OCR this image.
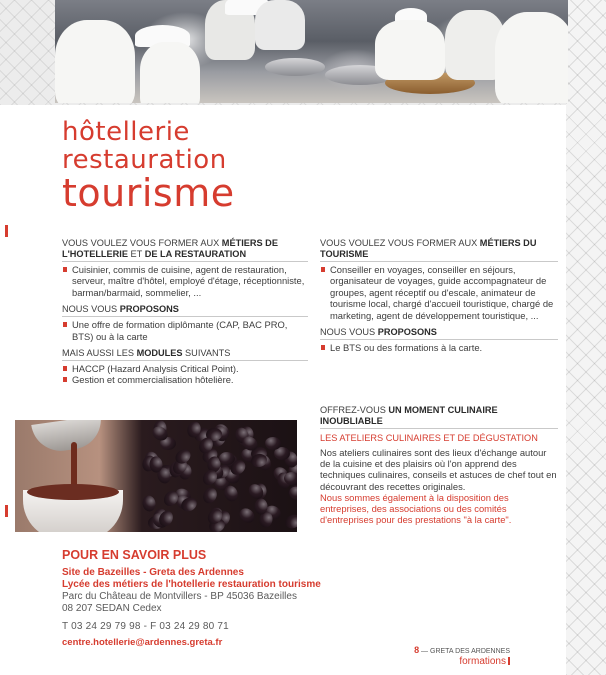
hôtellerie
restauration
tourisme
VOUS VOULEZ VOUS FORMER AUX MÉTIERS DE L'HOTELLERIE ET DE LA RESTAURATION
Cuisinier, commis de cuisine, agent de restauration, serveur, maître d'hôtel, employé d'étage, réceptionniste, barman/barmaid, sommelier, ...
NOUS VOUS PROPOSONS
Une offre de formation diplômante (CAP, BAC PRO, BTS) ou à la carte
MAIS AUSSI LES MODULES SUIVANTS
HACCP (Hazard Analysis Critical Point).
Gestion et commercialisation hôtelière.
VOUS VOULEZ VOUS FORMER AUX MÉTIERS DU TOURISME
Conseiller en voyages, conseiller en séjours, organisateur de voyages, guide accompagnateur de groupes, agent réceptif ou d'escale, animateur de tourisme local, chargé d'accueil touristique, chargé de marketing, agent de développement touristique, ...
NOUS VOUS PROPOSONS
Le BTS ou des formations à la carte.
OFFREZ-VOUS UN MOMENT CULINAIRE INOUBLIABLE
LES ATELIERS CULINAIRES ET DE DÉGUSTATION
Nos ateliers culinaires sont des lieux d'échange autour de la cuisine et des plaisirs où l'on apprend des techniques culinaires, conseils et astuces de chef tout en découvrant des recettes originales.
Nous sommes également à la disposition des entreprises, des associations ou des comités d'entreprises pour des prestations "à la carte".
POUR EN SAVOIR PLUS
Site de Bazeilles - Greta des Ardennes
Lycée des métiers de l'hotellerie restauration tourisme
Parc du Château de Montvillers - BP 45036 Bazeilles
08 207 SEDAN Cedex
T 03 24 29 79 98 - F 03 24 29 80 71
centre.hotellerie@ardennes.greta.fr
8 — GRETA DES ARDENNES
formations
